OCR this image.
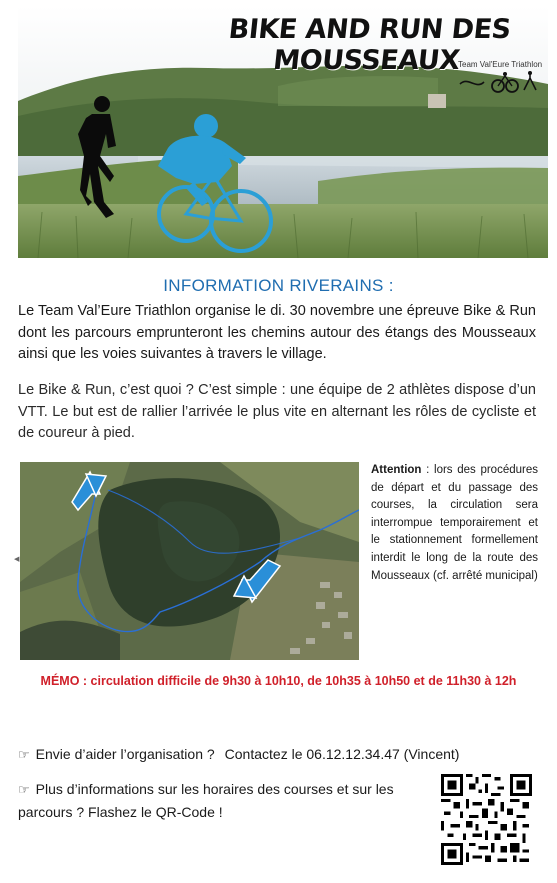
BIKE AND RUN DES MOUSSEAUX
Team Val'Eure Triathlon
INFORMATION RIVERAINS :
Le Team Val’Eure Triathlon organise le di. 30 novembre une épreuve Bike & Run dont les parcours emprunteront les chemins autour des étangs des Mousseaux ainsi que les voies suivantes à travers le village.
Le Bike & Run, c’est quoi ? C’est simple : une équipe de 2 athlètes dispose d’un VTT. Le but est de rallier l’arrivée le plus vite en alternant les rôles de cycliste et de coureur à pied.
◀
Attention : lors des procédures de départ et du passage des courses, la circulation sera interrompue temporairement et le stationnement formellement interdit le long de la route des Mousseaux (cf. arrêté municipal)
MÉMO : circulation difficile de 9h30 à 10h10, de 10h35 à 10h50 et de 11h30 à 12h
☞ Envie d’aider l’organisation ? Contactez le 06.12.12.34.47 (Vincent)
☞ Plus d’informations sur les horaires des courses et sur les parcours ? Flashez le QR-Code !
